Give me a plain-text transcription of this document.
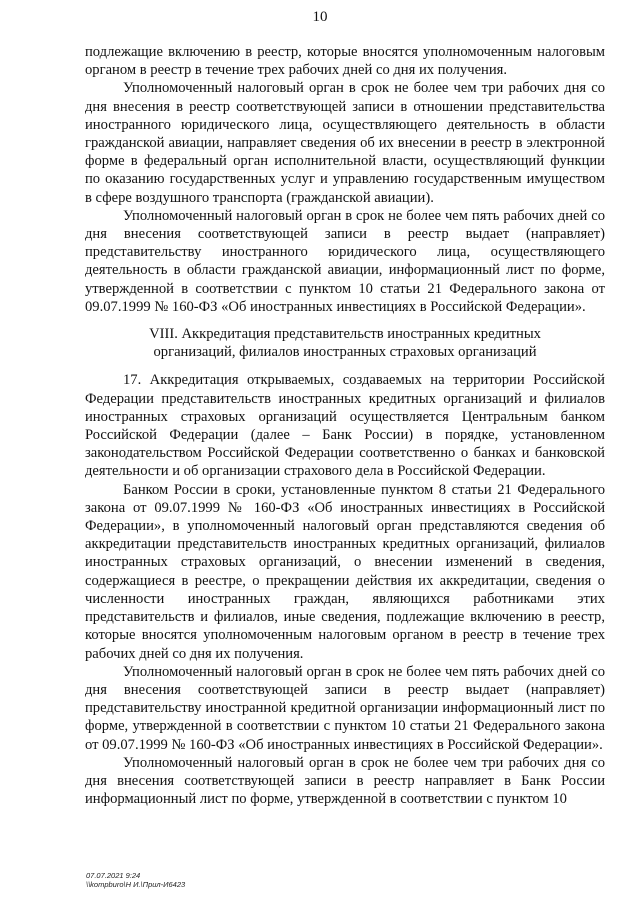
10

подлежащие включению в реестр, которые вносятся уполномоченным налоговым органом в реестр в течение трех рабочих дней со дня их получения.

Уполномоченный налоговый орган в срок не более чем три рабочих дня со дня внесения в реестр соответствующей записи в отношении представительства иностранного юридического лица, осуществляющего деятельность в области гражданской авиации, направляет сведения об их внесении в реестр в электронной форме в федеральный орган исполнительной власти, осуществляющий функции по оказанию государственных услуг и управлению государственным имуществом в сфере воздушного транспорта (гражданской авиации).

Уполномоченный налоговый орган в срок не более чем пять рабочих дней со дня внесения соответствующей записи в реестр выдает (направляет) представительству иностранного юридического лица, осуществляющего деятельность в области гражданской авиации, информационный лист по форме, утвержденной в соответствии с пунктом 10 статьи 21 Федерального закона от 09.07.1999 № 160-ФЗ «Об иностранных инвестициях в Российской Федерации».

VIII. Аккредитация представительств иностранных кредитных
организаций, филиалов иностранных страховых организаций

17. Аккредитация открываемых, создаваемых на территории Российской Федерации представительств иностранных кредитных организаций и филиалов иностранных страховых организаций осуществляется Центральным банком Российской Федерации (далее – Банк России) в порядке, установленном законодательством Российской Федерации соответственно о банках и банковской деятельности и об организации страхового дела в Российской Федерации.

Банком России в сроки, установленные пунктом 8 статьи 21 Федерального закона от 09.07.1999 № 160-ФЗ «Об иностранных инвестициях в Российской Федерации», в уполномоченный налоговый орган представляются сведения об аккредитации представительств иностранных кредитных организаций, филиалов иностранных страховых организаций, о внесении изменений в сведения, содержащиеся в реестре, о прекращении действия их аккредитации, сведения о численности иностранных граждан, являющихся работниками этих представительств и филиалов, иные сведения, подлежащие включению в реестр, которые вносятся уполномоченным налоговым органом в реестр в течение трех рабочих дней со дня их получения.

Уполномоченный налоговый орган в срок не более чем пять рабочих дней со дня внесения соответствующей записи в реестр выдает (направляет) представительству иностранной кредитной организации информационный лист по форме, утвержденной в соответствии с пунктом 10 статьи 21 Федерального закона от 09.07.1999 № 160-ФЗ «Об иностранных инвестициях в Российской Федерации».

Уполномоченный налоговый орган в срок не более чем три рабочих дня со дня внесения соответствующей записи в реестр направляет в Банк России информационный лист по форме, утвержденной в соответствии с пунктом 10

07.07.2021 9:24
\\kompburo\Н И.\Прил-И6423
